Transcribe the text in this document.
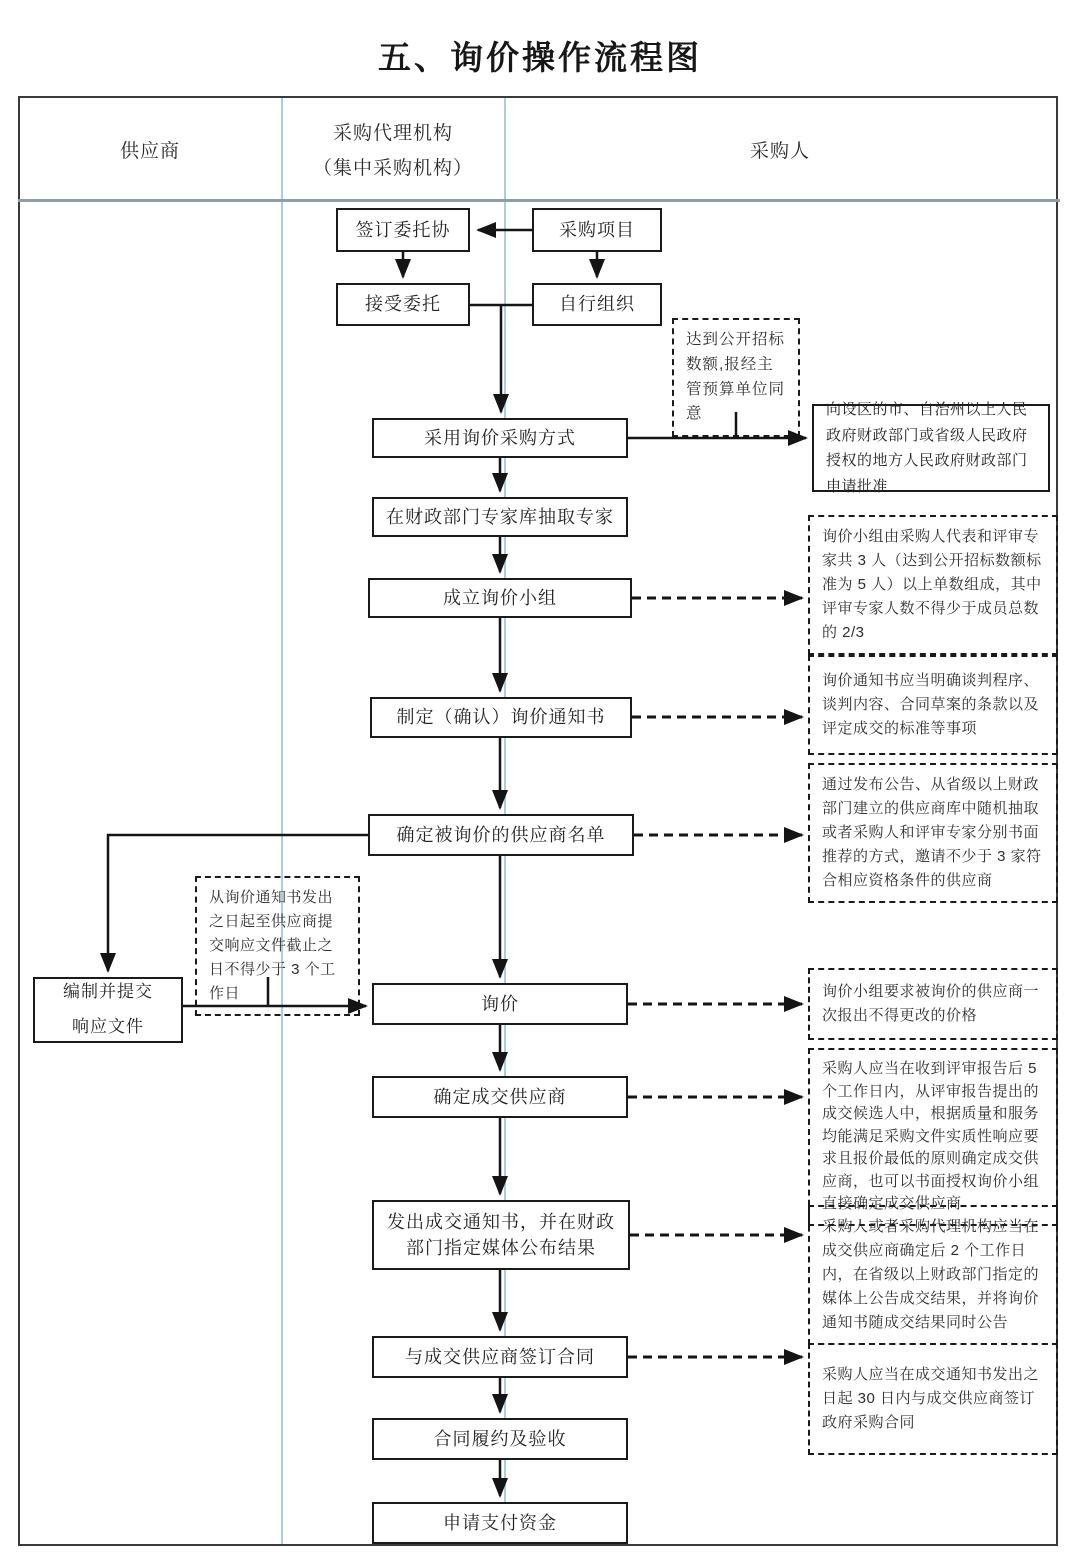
五、询价操作流程图
供应商
采购代理机构
（集中采购机构）
采购人
签订委托协	采购项目
接受委托	自行组织
采用询价采购方式
在财政部门专家库抽取专家
成立询价小组
制定（确认）询价通知书
确定被询价的供应商名单
询价
确定成交供应商
发出成交通知书，并在财政部门指定媒体公布结果
与成交供应商签订合同
合同履约及验收
申请支付资金
编制并提交
响应文件
向设区的市、自治州以上人民政府财政部门或省级人民政府授权的地方人民政府财政部门申请批准
达到公开招标数额,报经主管预算单位同意
询价小组由采购人代表和评审专家共 3 人（达到公开招标数额标准为 5 人）以上单数组成，其中评审专家人数不得少于成员总数的 2/3
询价通知书应当明确谈判程序、谈判内容、合同草案的条款以及评定成交的标准等事项
通过发布公告、从省级以上财政部门建立的供应商库中随机抽取或者采购人和评审专家分别书面推荐的方式，邀请不少于 3 家符合相应资格条件的供应商
从询价通知书发出之日起至供应商提交响应文件截止之日不得少于 3 个工作日	询价小组要求被询价的供应商一次报出不得更改的价格
采购人应当在收到评审报告后 5 个工作日内，从评审报告提出的成交候选人中，根据质量和服务均能满足采购文件实质性响应要求且报价最低的原则确定成交供应商，也可以书面授权询价小组直接确定成交供应商
采购人或者采购代理机构应当在成交供应商确定后 2 个工作日内，在省级以上财政部门指定的媒体上公告成交结果，并将询价通知书随成交结果同时公告
采购人应当在成交通知书发出之日起 30 日内与成交供应商签订政府采购合同
